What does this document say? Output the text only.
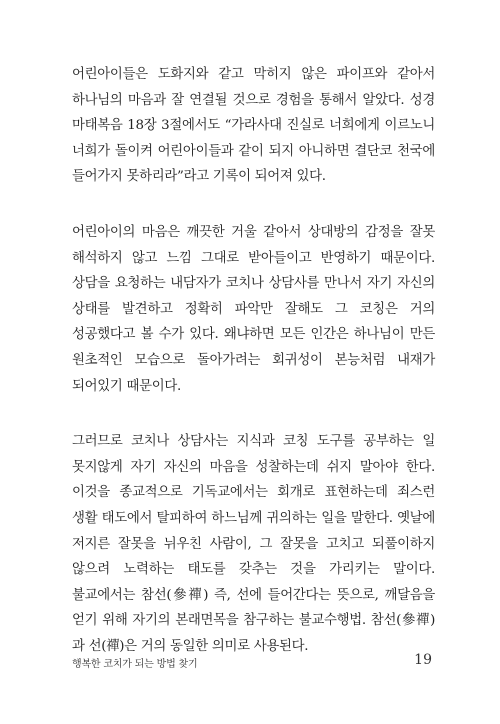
어린아이들은 도화지와 같고 막히지 않은 파이프와 같아서 하나님의 마음과 잘 연결될 것으로 경험을 통해서 알았다. 성경 마태복음 18장 3절에서도 “가라사대 진실로 너희에게 이르노니 너희가 돌이켜 어린아이들과 같이 되지 아니하면 결단코 천국에 들어가지 못하리라”라고 기록이 되어져 있다.

어린아이의 마음은 깨끗한 거울 같아서 상대방의 감정을 잘못 해석하지 않고 느낌 그대로 받아들이고 반영하기 때문이다. 상담을 요청하는 내담자가 코치나 상담사를 만나서 자기 자신의 상태를 발견하고 정확히 파악만 잘해도 그 코칭은 거의 성공했다고 볼 수가 있다. 왜냐하면 모든 인간은 하나님이 만든 원초적인 모습으로 돌아가려는 회귀성이 본능처럼 내재가 되어있기 때문이다.

그러므로 코치나 상담사는 지식과 코칭 도구를 공부하는 일 못지않게 자기 자신의 마음을 성찰하는데 쉬지 말아야 한다. 이것을 종교적으로 기독교에서는 회개로 표현하는데 죄스런 생활 태도에서 탈피하여 하느님께 귀의하는 일을 말한다. 옛날에 저지른 잘못을 뉘우친 사람이, 그 잘못을 고치고 되풀이하지 않으려 노력하는 태도를 갖추는 것을 가리키는 말이다. 불교에서는 참선(參禪) 즉, 선에 들어간다는 뜻으로, 깨달음을 얻기 위해 자기의 본래면목을 참구하는 불교수행법. 참선(參禪)과 선(禪)은 거의 동일한 의미로 사용된다.

행복한 코치가 되는 방법 찾기	19
